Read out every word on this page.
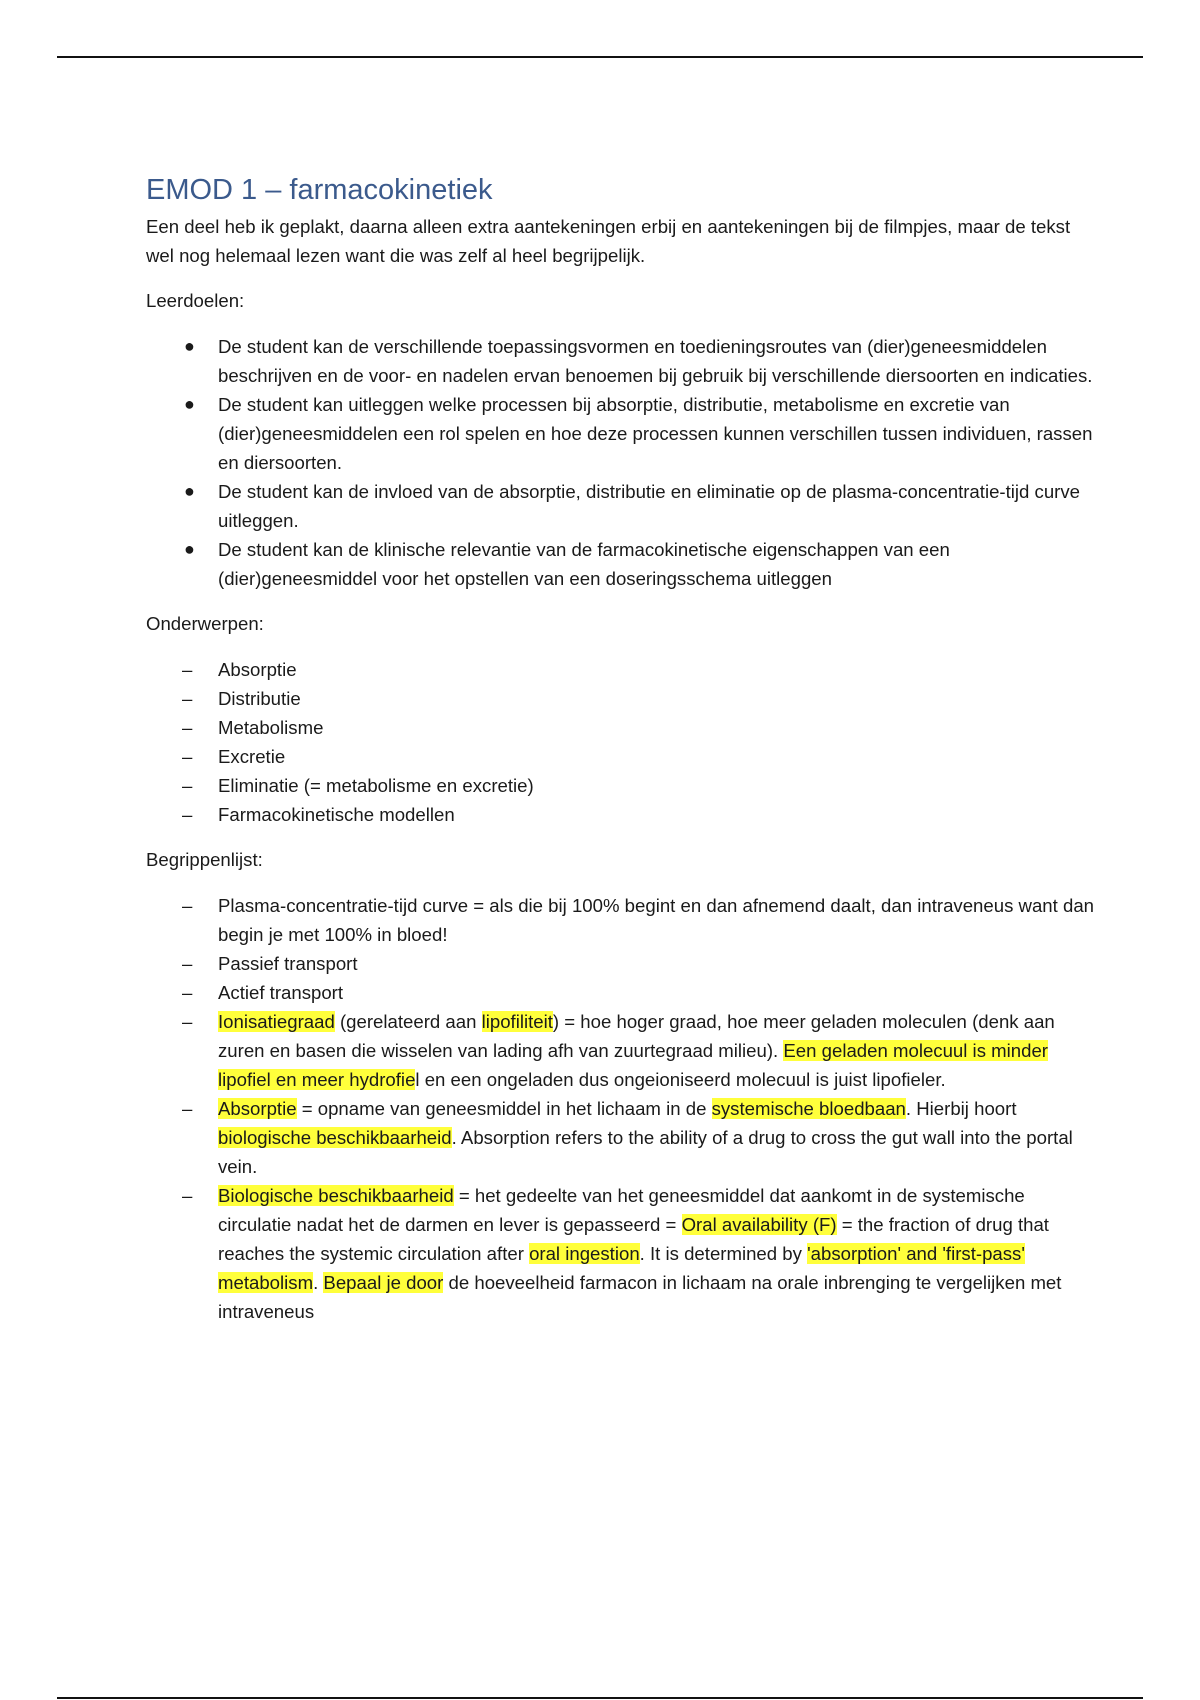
EMOD 1 – farmacokinetiek

Een deel heb ik geplakt, daarna alleen extra aantekeningen erbij en aantekeningen bij de filmpjes, maar de tekst wel nog helemaal lezen want die was zelf al heel begrijpelijk.

Leerdoelen:

● De student kan de verschillende toepassingsvormen en toedieningsroutes van (dier)geneesmiddelen beschrijven en de voor- en nadelen ervan benoemen bij gebruik bij verschillende diersoorten en indicaties.
● De student kan uitleggen welke processen bij absorptie, distributie, metabolisme en excretie van (dier)geneesmiddelen een rol spelen en hoe deze processen kunnen verschillen tussen individuen, rassen en diersoorten.
● De student kan de invloed van de absorptie, distributie en eliminatie op de plasma-concentratie-tijd curve uitleggen.
● De student kan de klinische relevantie van de farmacokinetische eigenschappen van een (dier)geneesmiddel voor het opstellen van een doseringsschema uitleggen

Onderwerpen:

– Absorptie
– Distributie
– Metabolisme
– Excretie
– Eliminatie (= metabolisme en excretie)
– Farmacokinetische modellen

Begrippenlijst:

– Plasma-concentratie-tijd curve = als die bij 100% begint en dan afnemend daalt, dan intraveneus want dan begin je met 100% in bloed!
– Passief transport
– Actief transport
– Ionisatiegraad (gerelateerd aan lipofiliteit) = hoe hoger graad, hoe meer geladen moleculen (denk aan zuren en basen die wisselen van lading afh van zuurtegraad milieu). Een geladen molecuul is minder lipofiel en meer hydrofiel en een ongeladen dus ongeioniseerd molecuul is juist lipofieler.
– Absorptie = opname van geneesmiddel in het lichaam in de systemische bloedbaan. Hierbij hoort biologische beschikbaarheid. Absorption refers to the ability of a drug to cross the gut wall into the portal vein.
– Biologische beschikbaarheid = het gedeelte van het geneesmiddel dat aankomt in de systemische circulatie nadat het de darmen en lever is gepasseerd = Oral availability (F) = the fraction of drug that reaches the systemic circulation after oral ingestion. It is determined by 'absorption' and 'first-pass' metabolism. Bepaal je door de hoeveelheid farmacon in lichaam na orale inbrenging te vergelijken met intraveneus
